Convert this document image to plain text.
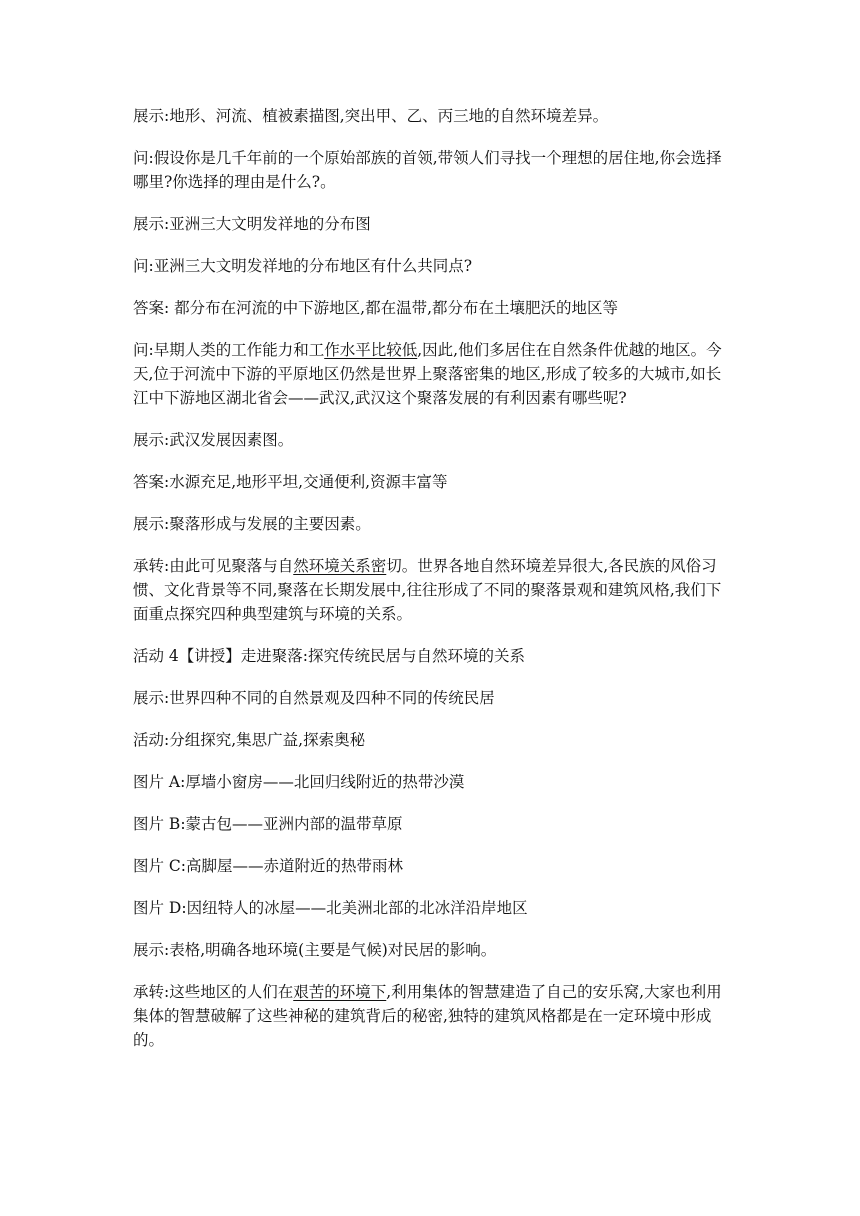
展示:地形、河流、植被素描图,突出甲、乙、丙三地的自然环境差异。

问:假设你是几千年前的一个原始部族的首领,带领人们寻找一个理想的居住地,你会选择哪里?你选择的理由是什么?。

展示:亚洲三大文明发祥地的分布图

问:亚洲三大文明发祥地的分布地区有什么共同点?

答案: 都分布在河流的中下游地区,都在温带,都分布在土壤肥沃的地区等

问:早期人类的工作能力和工作水平比较低,因此,他们多居住在自然条件优越的地区。今天,位于河流中下游的平原地区仍然是世界上聚落密集的地区,形成了较多的大城市,如长江中下游地区湖北省会——武汉,武汉这个聚落发展的有利因素有哪些呢?

展示:武汉发展因素图。

答案:水源充足,地形平坦,交通便利,资源丰富等

展示:聚落形成与发展的主要因素。

承转:由此可见聚落与自然环境关系密切。世界各地自然环境差异很大,各民族的风俗习惯、文化背景等不同,聚落在长期发展中,往往形成了不同的聚落景观和建筑风格,我们下面重点探究四种典型建筑与环境的关系。

活动 4【讲授】走进聚落:探究传统民居与自然环境的关系

展示:世界四种不同的自然景观及四种不同的传统民居

活动:分组探究,集思广益,探索奥秘

图片 A:厚墙小窗房——北回归线附近的热带沙漠

图片 B:蒙古包——亚洲内部的温带草原

图片 C:高脚屋——赤道附近的热带雨林

图片 D:因纽特人的冰屋——北美洲北部的北冰洋沿岸地区

展示:表格,明确各地环境(主要是气候)对民居的影响。

承转:这些地区的人们在艰苦的环境下,利用集体的智慧建造了自己的安乐窝,大家也利用集体的智慧破解了这些神秘的建筑背后的秘密,独特的建筑风格都是在一定环境中形成的。
